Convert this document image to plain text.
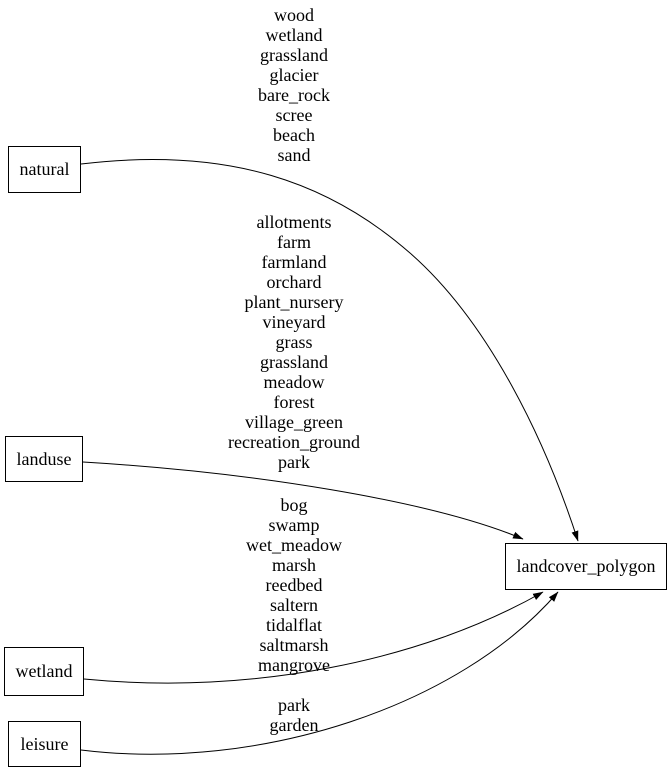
natural
landuse
wetland
leisure
landcover_polygon
wood
wetland
grassland
glacier
bare_rock
scree
beach
sand
allotments
farm
farmland
orchard
plant_nursery
vineyard
grass
grassland
meadow
forest
village_green
recreation_ground
park
bog
swamp
wet_meadow
marsh
reedbed
saltern
tidalflat
saltmarsh
mangrove
park
garden
